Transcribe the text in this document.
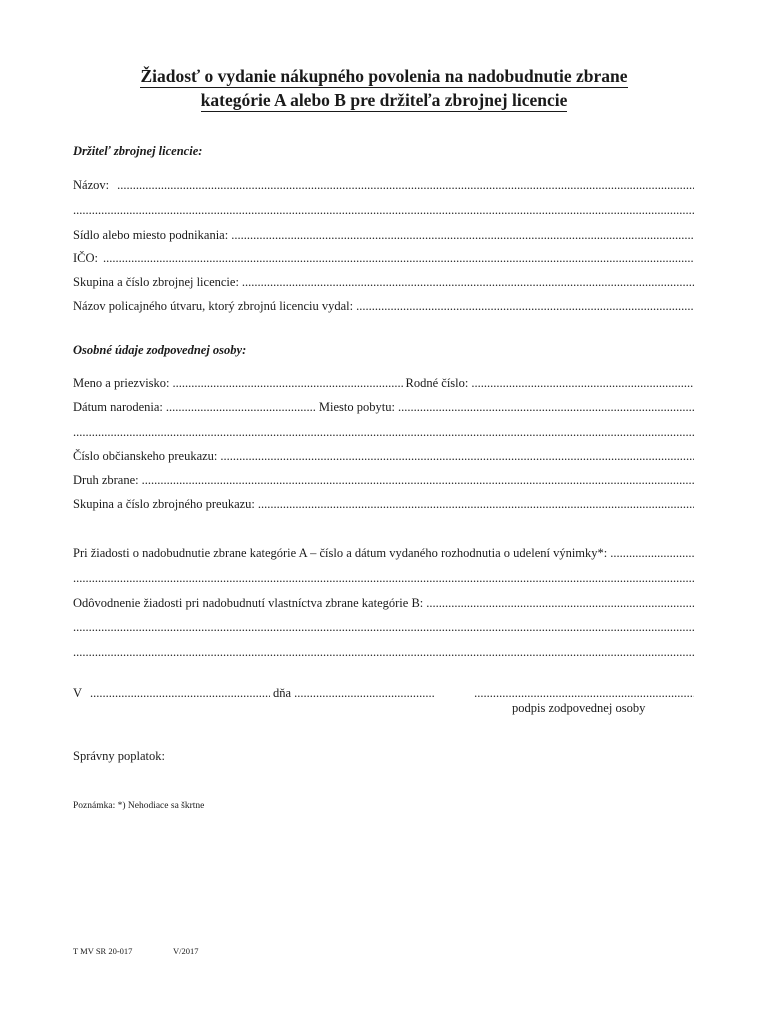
Žiadosť o vydanie nákupného povolenia na nadobudnutie zbrane
kategórie A alebo B pre držiteľa zbrojnej licencie
Držiteľ zbrojnej licencie:
Názov:
.....
.....
Sídlo alebo miesto podnikania:
.....
IČO:
.....
Skupina a číslo zbrojnej licencie:
.....
Názov policajného útvaru, ktorý zbrojnú licenciu vydal:
.....
Osobné údaje zodpovednej osoby:
Meno a priezvisko: .....	Rodné číslo:
.....
Dátum narodenia: .....	Miesto pobytu:
.....
.....
Číslo občianskeho preukazu:
.....
Druh zbrane:
.....
Skupina a číslo zbrojného preukazu:
.....
Pri žiadosti o nadobudnutie zbrane kategórie A – číslo a dátum vydaného rozhodnutia o udelení výnimky*:
.....
.....
Odôvodnenie žiadosti pri nadobudnutí vlastníctva zbrane kategórie B:
.....
.....
.....
V .....	dňa
.....
.....
podpis zodpovednej osoby
Správny poplatok:
Poznámka: *) Nehodiace sa škrtne
T MV SR 20-017	V/2017
